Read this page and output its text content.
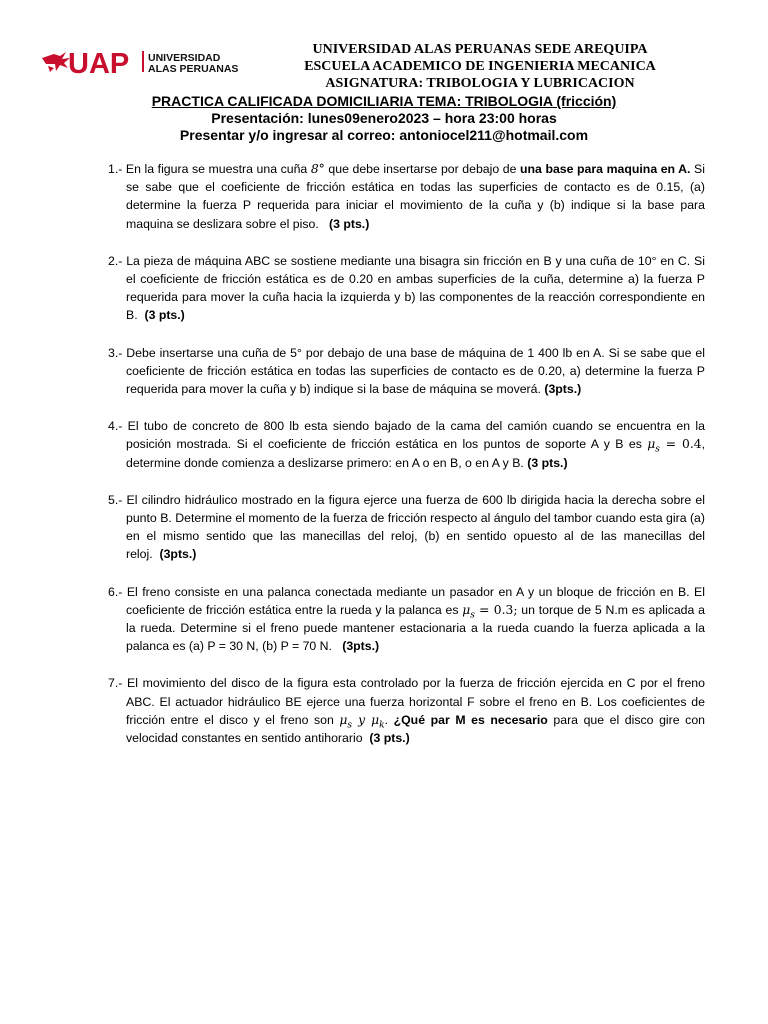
UAP UNIVERSIDAD
ALAS PERUANAS
UNIVERSIDAD ALAS PERUANAS SEDE AREQUIPA
ESCUELA ACADEMICO DE INGENIERIA MECANICA
ASIGNATURA: TRIBOLOGIA Y LUBRICACION
PRACTICA CALIFICADA DOMICILIARIA TEMA: TRIBOLOGIA (fricción)
Presentación: lunes09enero2023 – hora 23:00 horas
Presentar y/o ingresar al correo: antoniocel211@hotmail.com

1.- En la figura se muestra una cuña 8° que debe insertarse por debajo de una base para maquina en A. Si se sabe que el coeficiente de fricción estática en todas las superficies de contacto es de 0.15, (a) determine la fuerza P requerida para iniciar el movimiento de la cuña y (b) indique si la base para maquina se deslizara sobre el piso. (3 pts.)

2.- La pieza de máquina ABC se sostiene mediante una bisagra sin fricción en B y una cuña de 10° en C. Si el coeficiente de fricción estática es de 0.20 en ambas superficies de la cuña, determine a) la fuerza P requerida para mover la cuña hacia la izquierda y b) las componentes de la reacción correspondiente en B. (3 pts.)

3.- Debe insertarse una cuña de 5° por debajo de una base de máquina de 1 400 lb en A. Si se sabe que el coeficiente de fricción estática en todas las superficies de contacto es de 0.20, a) determine la fuerza P requerida para mover la cuña y b) indique si la base de máquina se moverá. (3pts.)

4.- El tubo de concreto de 800 lb esta siendo bajado de la cama del camión cuando se encuentra en la posición mostrada. Si el coeficiente de fricción estática en los puntos de soporte A y B es $\mu_s = 0.4$, determine donde comienza a deslizarse primero: en A o en B, o en A y B. (3 pts.)

5.- El cilindro hidráulico mostrado en la figura ejerce una fuerza de 600 lb dirigida hacia la derecha sobre el punto B. Determine el momento de la fuerza de fricción respecto al ángulo del tambor cuando esta gira (a) en el mismo sentido que las manecillas del reloj, (b) en sentido opuesto al de las manecillas del reloj. (3pts.)

6.- El freno consiste en una palanca conectada mediante un pasador en A y un bloque de fricción en B. El coeficiente de fricción estática entre la rueda y la palanca es $\mu_s = 0.3$; un torque de 5 N.m es aplicada a la rueda. Determine si el freno puede mantener estacionaria a la rueda cuando la fuerza aplicada a la palanca es (a) P = 30 N, (b) P = 70 N. (3pts.)

7.- El movimiento del disco de la figura esta controlado por la fuerza de fricción ejercida en C por el freno ABC. El actuador hidráulico BE ejerce una fuerza horizontal F sobre el freno en B. Los coeficientes de fricción entre el disco y el freno son $\mu_s$ y $\mu_k$. ¿Qué par M es necesario para que el disco gire con velocidad constantes en sentido antihorario (3 pts.)
